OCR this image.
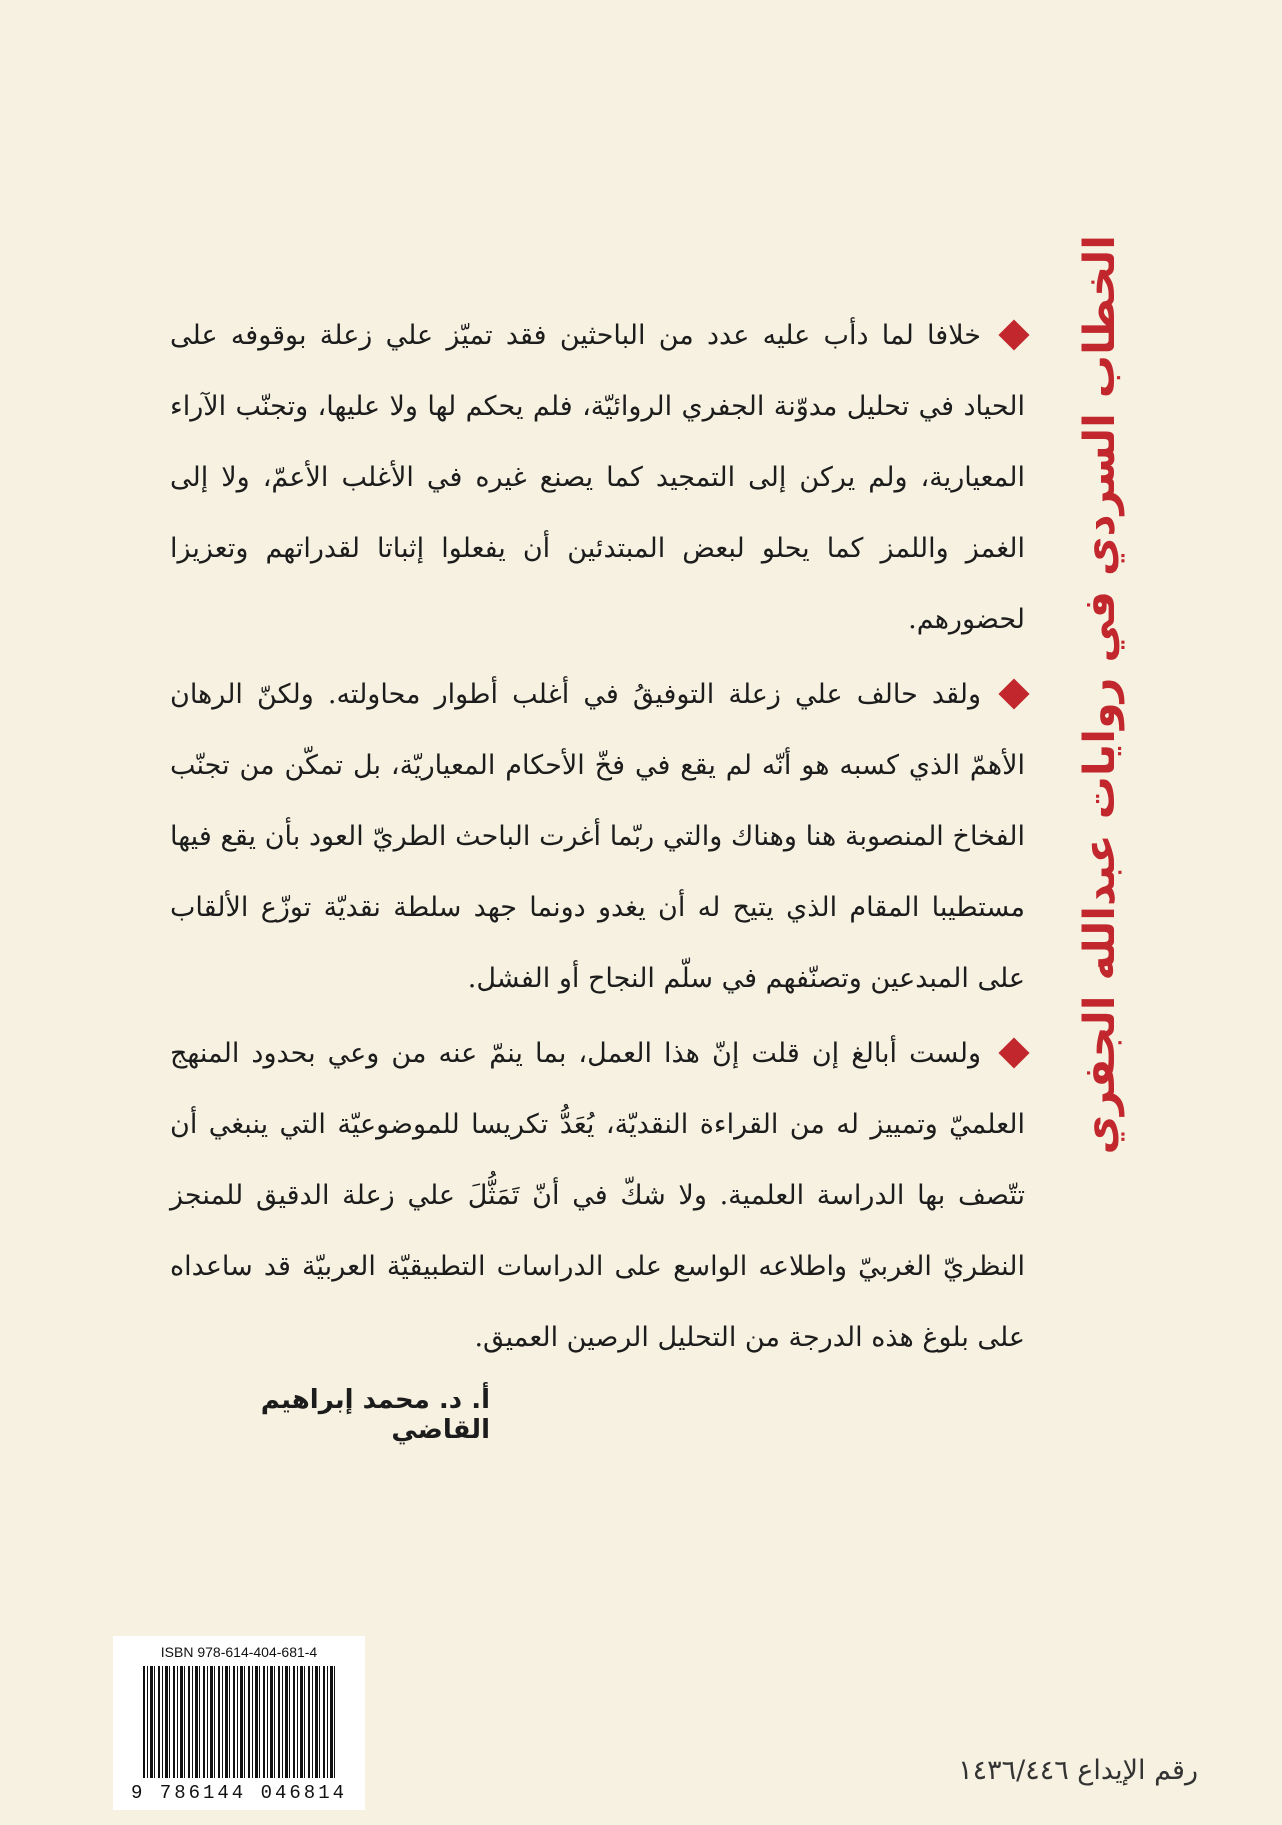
الخطاب السردي في روايات عبدالله الجفري

خلافا لما دأب عليه عدد من الباحثين فقد تميّز علي زعلة بوقوفه على الحياد في تحليل مدوّنة الجفري الروائيّة، فلم يحكم لها ولا عليها، وتجنّب الآراء المعيارية، ولم يركن إلى التمجيد كما يصنع غيره في الأغلب الأعمّ، ولا إلى الغمز واللمز كما يحلو لبعض المبتدئين أن يفعلوا إثباتا لقدراتهم وتعزيزا لحضورهم.

ولقد حالف علي زعلة التوفيقُ في أغلب أطوار محاولته. ولكنّ الرهان الأهمّ الذي كسبه هو أنّه لم يقع في فخّ الأحكام المعياريّة، بل تمكّن من تجنّب الفخاخ المنصوبة هنا وهناك والتي ربّما أغرت الباحث الطريّ العود بأن يقع فيها مستطيبا المقام الذي يتيح له أن يغدو دونما جهد سلطة نقديّة توزّع الألقاب على المبدعين وتصنّفهم في سلّم النجاح أو الفشل.

ولست أبالغ إن قلت إنّ هذا العمل، بما ينمّ عنه من وعي بحدود المنهج العلميّ وتمييز له من القراءة النقديّة، يُعَدُّ تكريسا للموضوعيّة التي ينبغي أن تتّصف بها الدراسة العلمية. ولا شكّ في أنّ تَمَثُّلَ علي زعلة الدقيق للمنجز النظريّ الغربيّ واطلاعه الواسع على الدراسات التطبيقيّة العربيّة قد ساعداه على بلوغ هذه الدرجة من التحليل الرصين العميق.

أ. د. محمد إبراهيم القاضي
ISBN 978-614-404-681-4
9 786144 046814
رقم الإيداع ١٤٣٦/٤٤٦
